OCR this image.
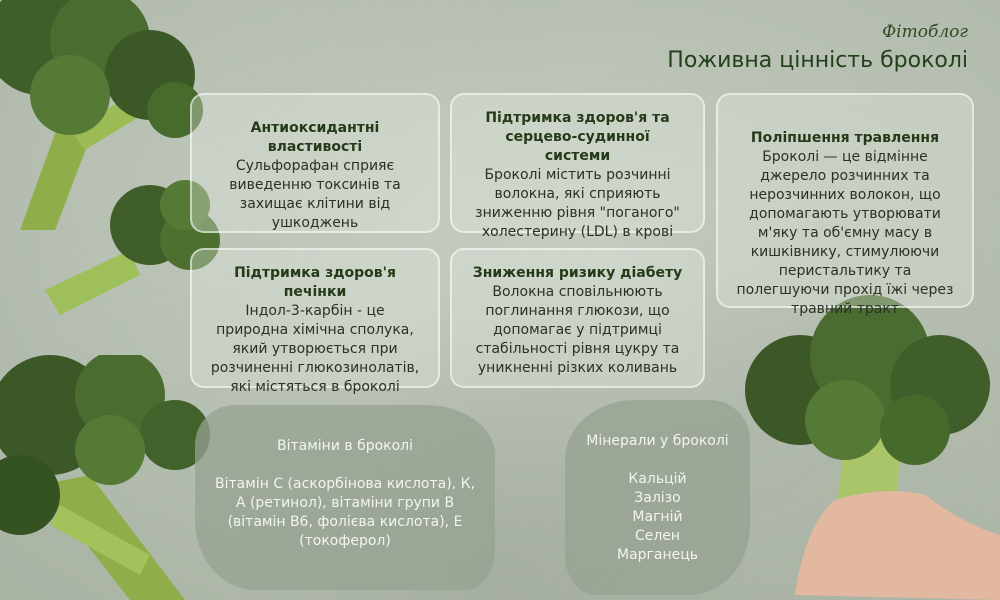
Фітоблог
Поживна цінність броколі
Антиоксидантні властивості
Сульфорафан сприяє виведенню токсинів та захищає клітини від ушкоджень
Підтримка здоров'я та серцево-судинної системи
Броколі містить розчинні волокна, які сприяють зниженню рівня "поганого" холестерину (LDL) в крові
Поліпшення травлення
Броколі — це відмінне джерело розчинних та нерозчинних волокон, що допомагають утворювати м'яку та об'ємну масу в кишківнику, стимулюючи перистальтику та полегшуючи прохід їжі через травний тракт
Підтримка здоров'я печінки
Індол-3-карбін - це природна хімічна сполука, який утворюється при розчиненні глюкозинолатів, які містяться в броколі
Зниження ризику діабету
Волокна сповільнюють поглинання глюкози, що допомагає у підтримці стабільності рівня цукру та уникненні різких коливань
Вітаміни в броколі
Вітамін С (аскорбінова кислота), К, А (ретинол), вітаміни групи В (вітамін В6, фолієва кислота), Е (токоферол)
Мінерали у броколі
Кальцій
Залізо
Магній
Селен
Марганець
